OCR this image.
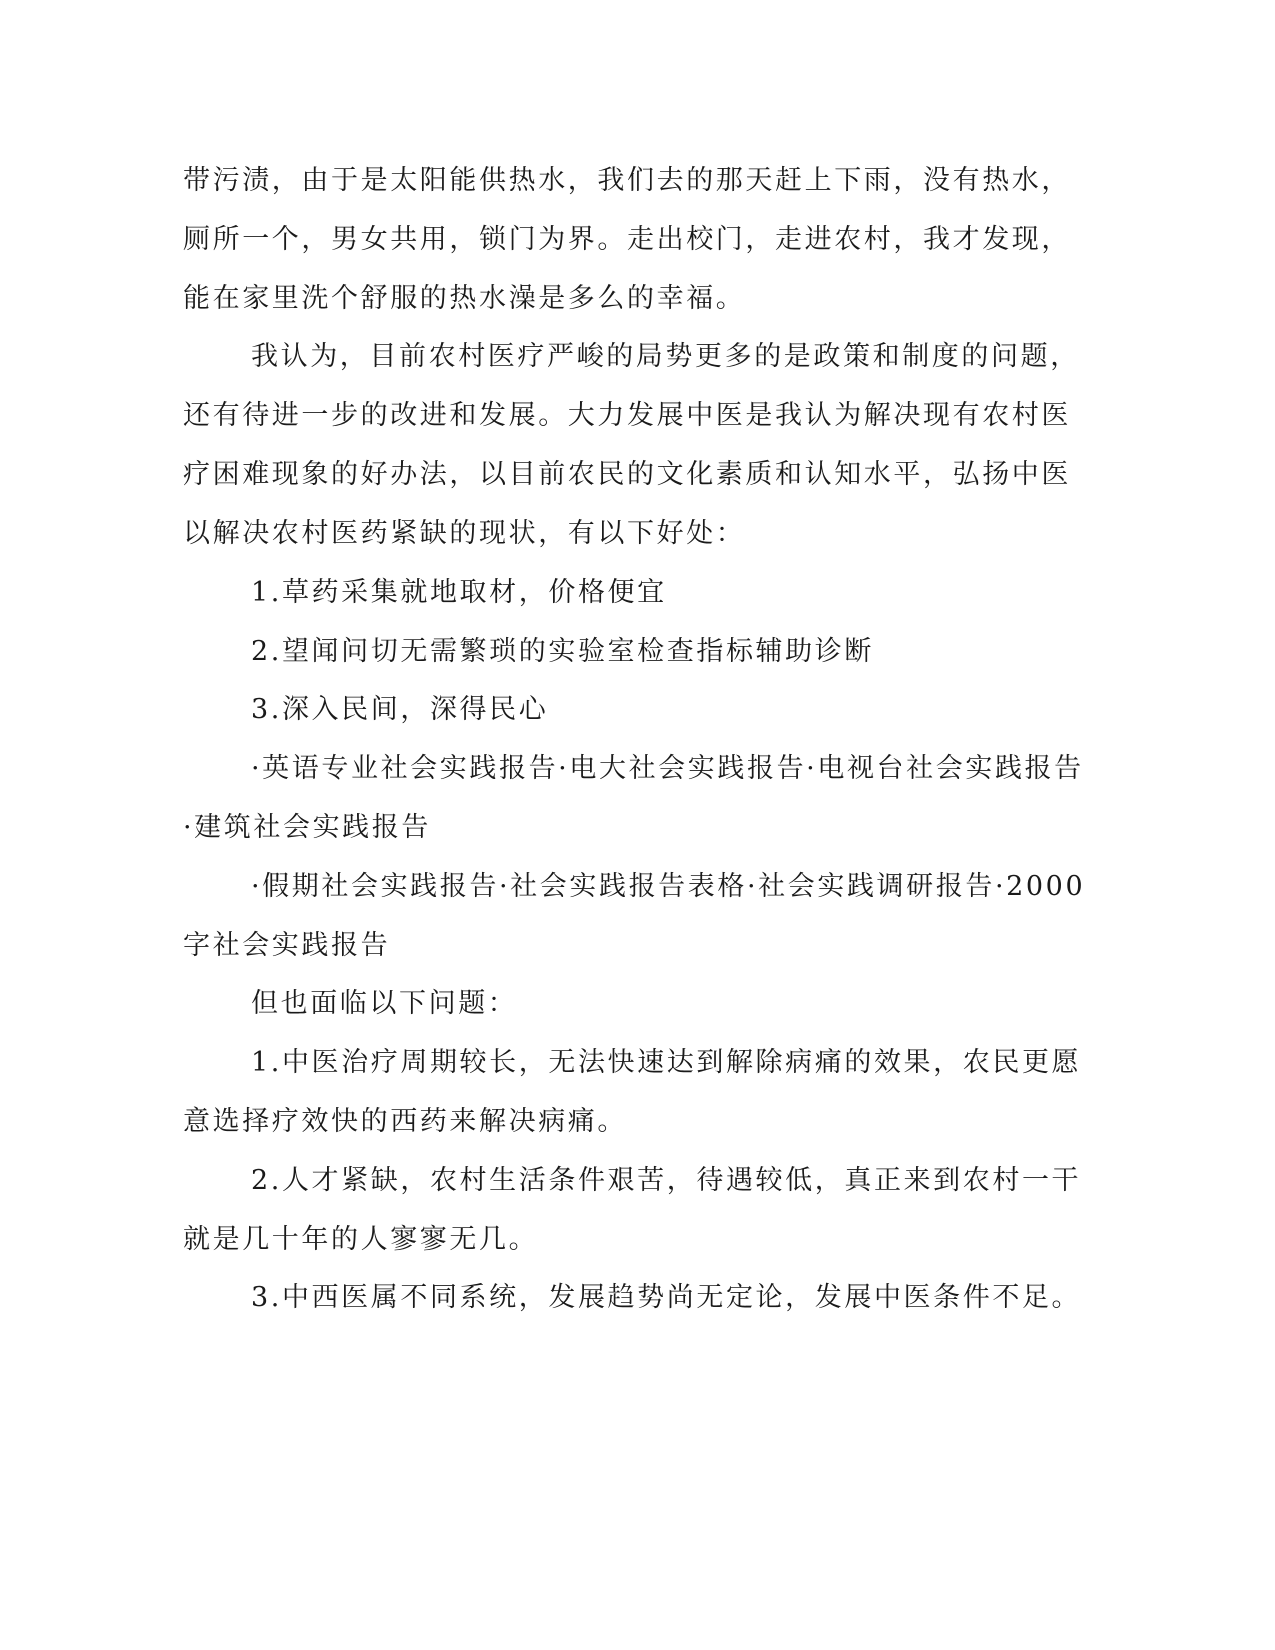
带污渍，由于是太阳能供热水，我们去的那天赶上下雨，没有热水，
厕所一个，男女共用，锁门为界。走出校门，走进农村，我才发现，
能在家里洗个舒服的热水澡是多么的幸福。
我认为，目前农村医疗严峻的局势更多的是政策和制度的问题，
还有待进一步的改进和发展。大力发展中医是我认为解决现有农村医
疗困难现象的好办法，以目前农民的文化素质和认知水平，弘扬中医
以解决农村医药紧缺的现状，有以下好处：
1.草药采集就地取材，价格便宜
2.望闻问切无需繁琐的实验室检查指标辅助诊断
3.深入民间，深得民心
·英语专业社会实践报告·电大社会实践报告·电视台社会实践报告
·建筑社会实践报告
·假期社会实践报告·社会实践报告表格·社会实践调研报告·2000
字社会实践报告
但也面临以下问题：
1.中医治疗周期较长，无法快速达到解除病痛的效果，农民更愿
意选择疗效快的西药来解决病痛。
2.人才紧缺，农村生活条件艰苦，待遇较低，真正来到农村一干
就是几十年的人寥寥无几。
3.中西医属不同系统，发展趋势尚无定论，发展中医条件不足。
